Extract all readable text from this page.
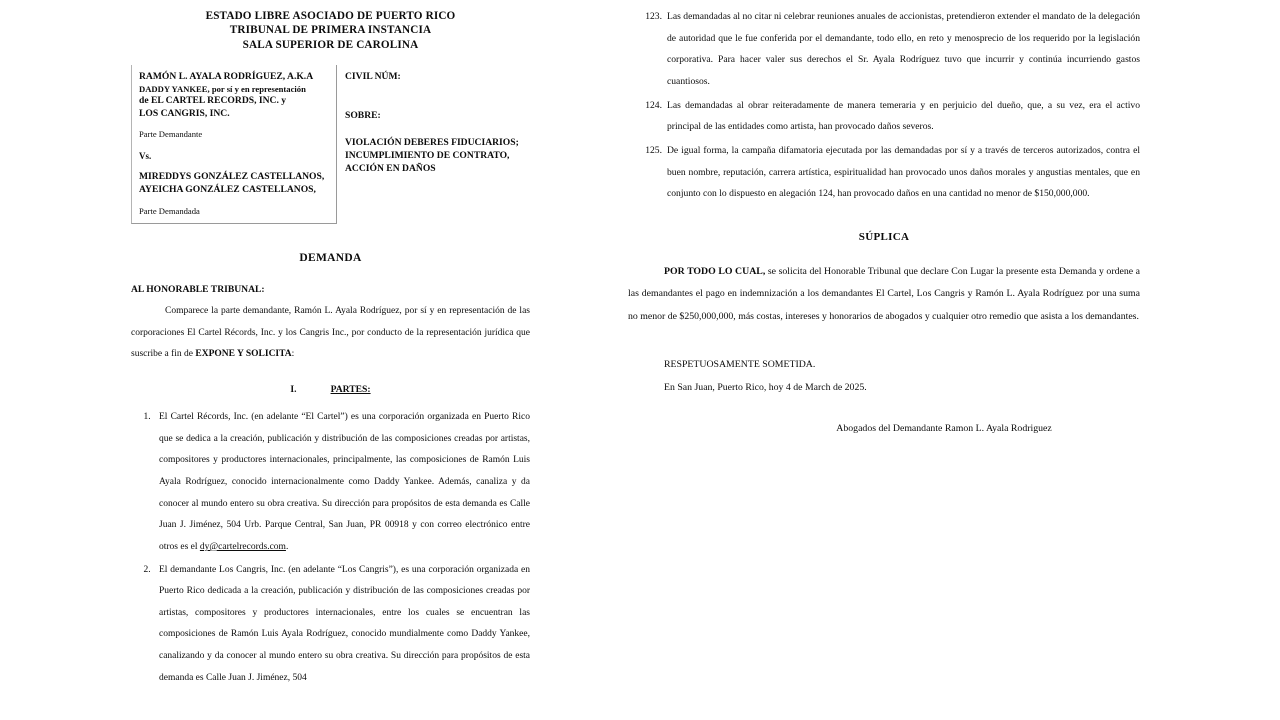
ESTADO LIBRE ASOCIADO DE PUERTO RICO
TRIBUNAL DE PRIMERA INSTANCIA
SALA SUPERIOR DE CAROLINA
RAMÓN L. AYALA RODRÍGUEZ, A.K.A
DADDY YANKEE, por sí y en representación
de EL CARTEL RECORDS, INC. y
LOS CANGRIS, INC.
Parte Demandante
Vs.
MIREDDYS GONZÁLEZ CASTELLANOS,
AYEICHA GONZÁLEZ CASTELLANOS,
Parte Demandada
CIVIL NÚM:
SOBRE:
VIOLACIÓN DEBERES FIDUCIARIOS; INCUMPLIMIENTO DE CONTRATO, ACCIÓN EN DAÑOS
DEMANDA
AL HONORABLE TRIBUNAL:

Comparece la parte demandante, Ramón L. Ayala Rodríguez, por sí y en representación de las corporaciones El Cartel Récords, Inc. y los Cangris Inc., por conducto de la representación jurídica que suscribe a fin de EXPONE Y SOLICITA:

I.	PARTES:
1. El Cartel Récords, Inc. (en adelante “El Cartel”) es una corporación organizada en Puerto Rico que se dedica a la creación, publicación y distribución de las composiciones creadas por artistas, compositores y productores internacionales, principalmente, las composiciones de Ramón Luis Ayala Rodríguez, conocido internacionalmente como Daddy Yankee. Además, canaliza y da conocer al mundo entero su obra creativa. Su dirección para propósitos de esta demanda es Calle Juan J. Jiménez, 504 Urb. Parque Central, San Juan, PR 00918 y con correo electrónico entre otros es el dy@cartelrecords.com.
2. El demandante Los Cangris, Inc. (en adelante “Los Cangris”), es una corporación organizada en Puerto Rico dedicada a la creación, publicación y distribución de las composiciones creadas por artistas, compositores y productores internacionales, entre los cuales se encuentran las composiciones de Ramón Luis Ayala Rodríguez, conocido mundialmente como Daddy Yankee, canalizando y da conocer al mundo entero su obra creativa. Su dirección para propósitos de esta demanda es Calle Juan J. Jiménez, 504
123. Las demandadas al no citar ni celebrar reuniones anuales de accionistas, pretendieron extender el mandato de la delegación de autoridad que le fue conferida por el demandante, todo ello, en reto y menosprecio de los requerido por la legislación corporativa. Para hacer valer sus derechos el Sr. Ayala Rodríguez tuvo que incurrir y continúa incurriendo gastos cuantiosos.
124. Las demandadas al obrar reiteradamente de manera temeraria y en perjuicio del dueño, que, a su vez, era el activo principal de las entidades como artista, han provocado daños severos.
125. De igual forma, la campaña difamatoria ejecutada por las demandadas por sí y a través de terceros autorizados, contra el buen nombre, reputación, carrera artística, espiritualidad han provocado unos daños morales y angustias mentales, que en conjunto con lo dispuesto en alegación 124, han provocado daños en una cantidad no menor de $150,000,000.
SÚPLICA

POR TODO LO CUAL, se solicita del Honorable Tribunal que declare Con Lugar la presente esta Demanda y ordene a las demandantes el pago en indemnización a los demandantes El Cartel, Los Cangris y Ramón L. Ayala Rodríguez por una suma no menor de $250,000,000, más costas, intereses y honorarios de abogados y cualquier otro remedio que asista a los demandantes.

RESPETUOSAMENTE SOMETIDA.
En San Juan, Puerto Rico, hoy 4 de March de 2025.
Abogados del Demandante Ramon L. Ayala Rodriguez
